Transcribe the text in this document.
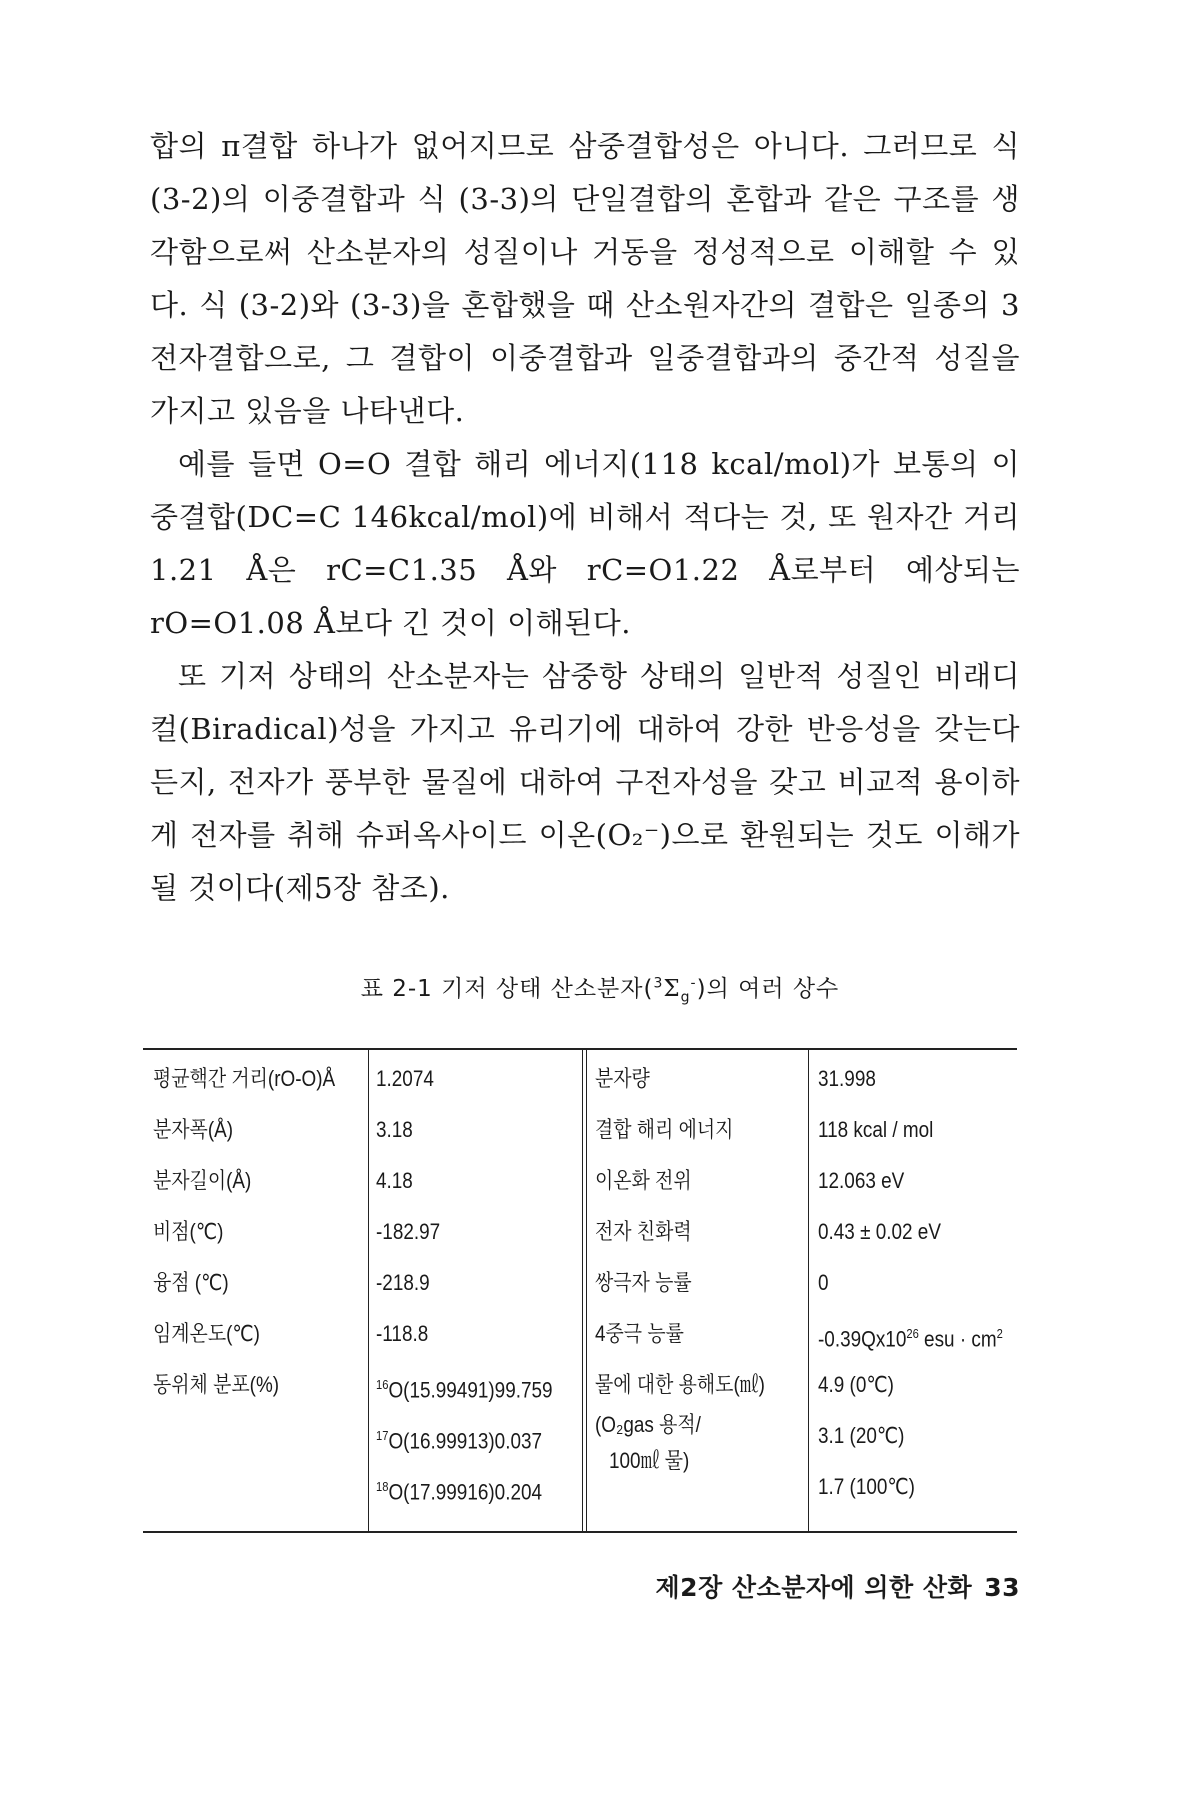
합의 π결합 하나가 없어지므로 삼중결합성은 아니다. 그러므로 식 (3-2)의 이중결합과 식 (3-3)의 단일결합의 혼합과 같은 구조를 생각함으로써 산소분자의 성질이나 거동을 정성적으로 이해할 수 있다. 식 (3-2)와 (3-3)을 혼합했을 때 산소원자간의 결합은 일종의 3전자결합으로, 그 결합이 이중결합과 일중결합과의 중간적 성질을 가지고 있음을 나타낸다.

예를 들면 O=O 결합 해리 에너지(118 kcal/mol)가 보통의 이중결합(DC=C 146kcal/mol)에 비해서 적다는 것, 또 원자간 거리 1.21 Å은 rC=C1.35 Å와 rC=O1.22 Å로부터 예상되는 rO=O1.08 Å보다 긴 것이 이해된다.

또 기저 상태의 산소분자는 삼중항 상태의 일반적 성질인 비래디컬(Biradical)성을 가지고 유리기에 대하여 강한 반응성을 갖는다든지, 전자가 풍부한 물질에 대하여 구전자성을 갖고 비교적 용이하게 전자를 취해 슈퍼옥사이드 이온(O₂⁻)으로 환원되는 것도 이해가 될 것이다(제5장 참조).

표 2-1 기저 상태 산소분자$(^3\Sigma_g^-)$의 여러 상수
평균핵간 거리(rO-O)Å
분자폭(Å)
분자길이(Å)
비점(℃)
융점 (℃)
임계온도(℃)
동위체 분포(%)
1.2074
3.18
4.18
-182.97
-218.9
-118.8
$^{16}$O(15.99491)99.759
$^{17}$O(16.99913)0.037
$^{18}$O(17.99916)0.204
분자량
결합 해리 에너지
이온화 전위
전자 친화력
쌍극자 능률
4중극 능률
물에 대한 용해도(㎖)
(O₂gas 용적/
100㎖ 물)
31.998
118 kcal / mol
12.063 eV
0.43 ± 0.02 eV
0
$-0.39Qx10^{26}$ esu · $cm^2$
4.9 (0℃)
3.1 (20℃)
1.7 (100℃)
제2장 산소분자에 의한 산화 33
